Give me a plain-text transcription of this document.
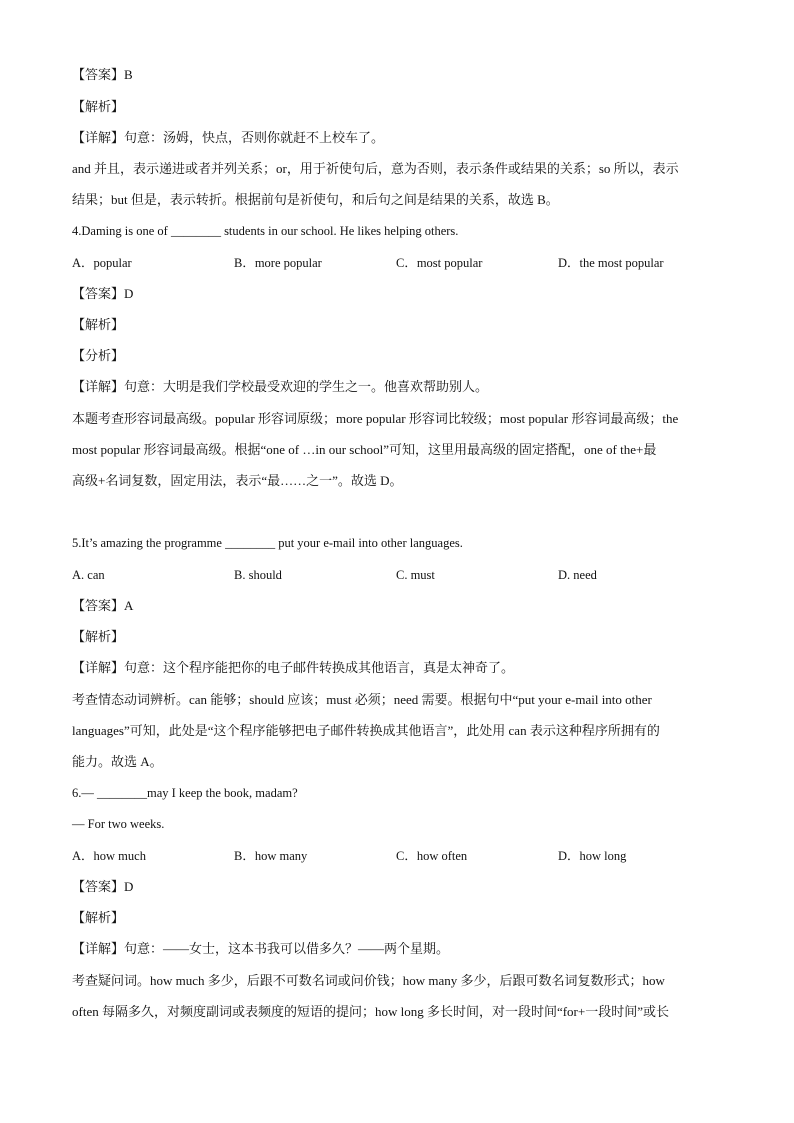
【答案】B
【解析】
【详解】句意：汤姆，快点，否则你就赶不上校车了。
and 并且，表示递进或者并列关系；or，用于祈使句后，意为否则，表示条件或结果的关系；so 所以，表示
结果；but 但是，表示转折。根据前句是祈使句，和后句之间是结果的关系，故选 B。
4.Daming is one of ________ students in our school. He likes helping others.
A．popular	B．more popular	C．most popular	D．the most popular
【答案】D
【解析】
【分析】
【详解】句意：大明是我们学校最受欢迎的学生之一。他喜欢帮助别人。
本题考查形容词最高级。popular 形容词原级；more popular 形容词比较级；most popular 形容词最高级；the
most popular 形容词最高级。根据“one of …in our school”可知，这里用最高级的固定搭配，one of the+最
高级+名词复数，固定用法，表示“最……之一”。故选 D。
5.It’s amazing the programme ________ put your e-mail into other languages.
A. can	B. should	C. must	D. need
【答案】A
【解析】
【详解】句意：这个程序能把你的电子邮件转换成其他语言，真是太神奇了。
考查情态动词辨析。can 能够；should 应该；must 必须；need 需要。根据句中“put your e-mail into other
languages”可知，此处是“这个程序能够把电子邮件转换成其他语言”，此处用 can 表示这种程序所拥有的
能力。故选 A。
6.— ________may I keep the book, madam?
— For two weeks.
A．how much	B．how many	C．how often	D．how long
【答案】D
【解析】
【详解】句意：——女士，这本书我可以借多久？——两个星期。
考查疑问词。how much 多少，后跟不可数名词或问价钱；how many 多少，后跟可数名词复数形式；how
often 每隔多久，对频度副词或表频度的短语的提问；how long 多长时间，对一段时间“for+一段时间”或长
